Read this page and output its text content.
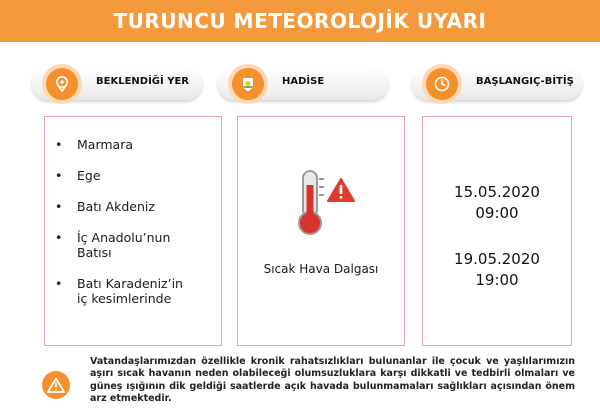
TURUNCU METEOROLOJİK UYARI
BEKLENDİĞİ YER	HADİSE	BAŞLANGIÇ-BİTİŞ
•	Marmara
•	Ege
•	Batı Akdeniz
•	İç Anadolu’nun
Batısı
•	Batı Karadeniz’in
iç kesimlerinde
Sıcak Hava Dalgası
15.05.2020
09:00
19.05.2020
19:00

Vatandaşlarımızdan özellikle kronik rahatsızlıkları bulunanlar ile çocuk ve yaşlılarımızın aşırı sıcak havanın neden olabileceği olumsuzluklara karşı dikkatli ve tedbirli olmaları ve güneş ışığının dik geldiği saatlerde açık havada bulunmamaları sağlıkları açısından önem arz etmektedir.
